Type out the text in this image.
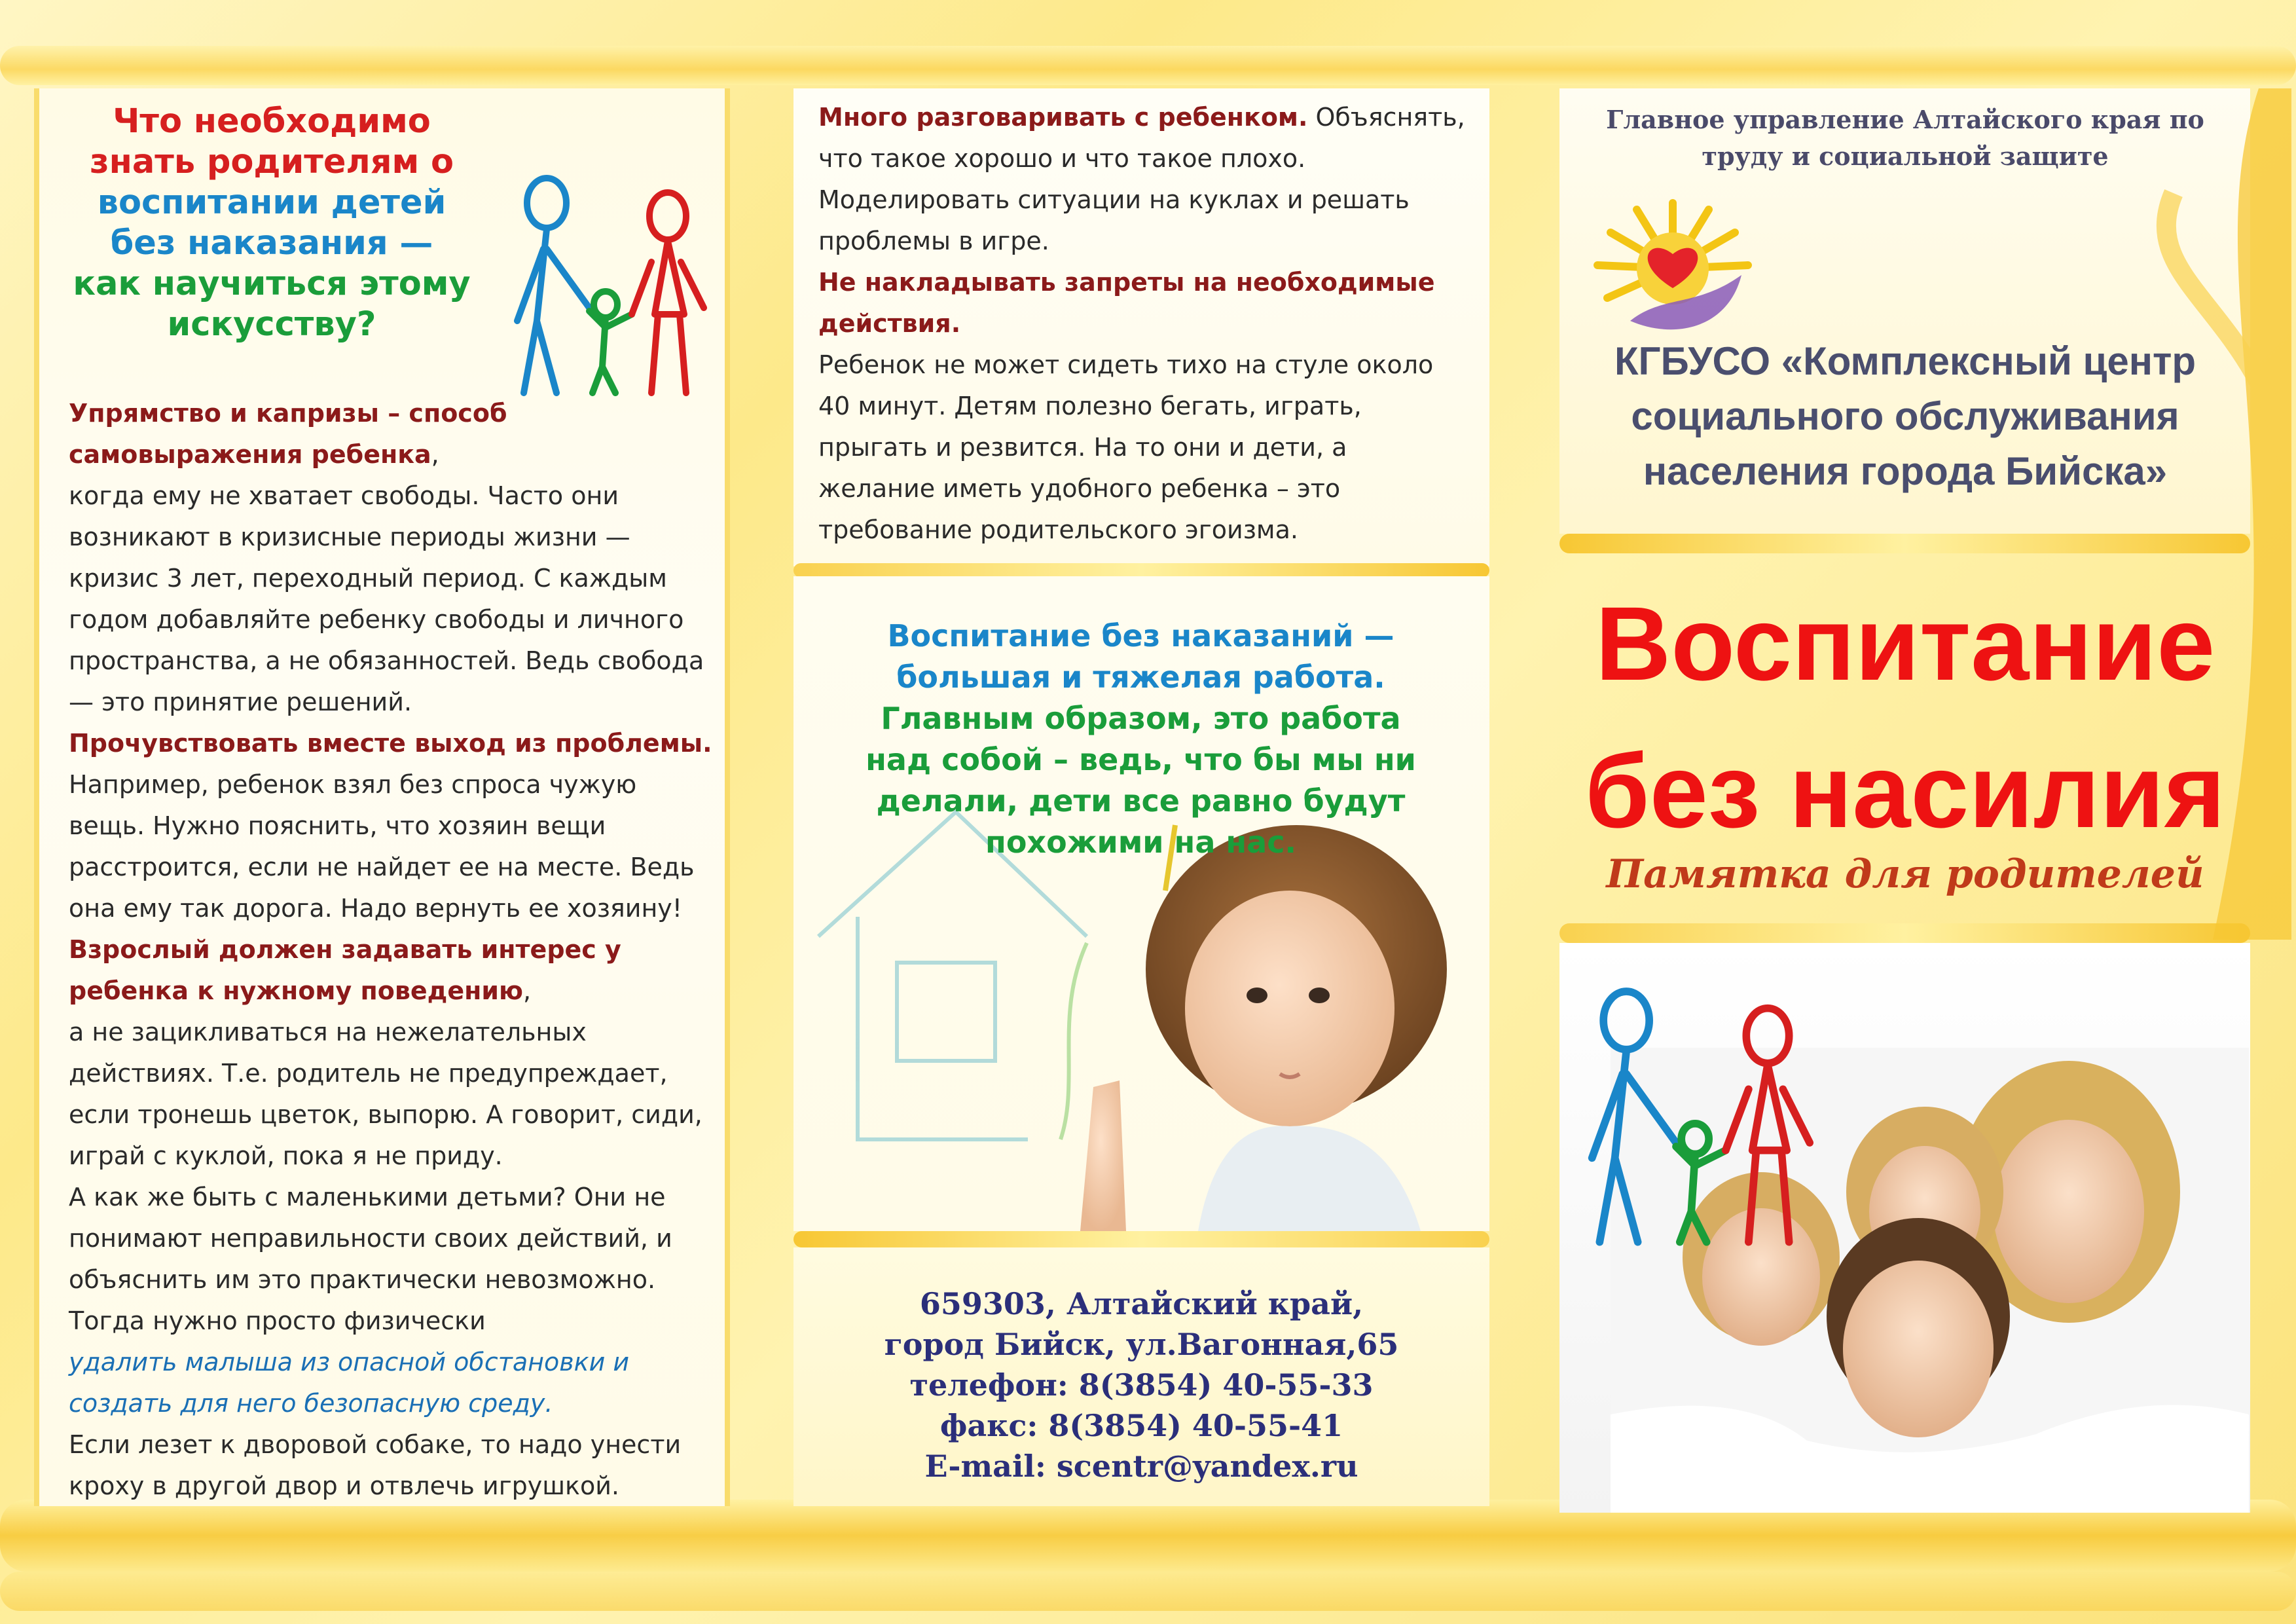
Что необходимо
знать родителям о
воспитании детей
без наказания —
как научиться этому
искусству?
Упрямство и капризы – способ
самовыражения ребенка,
когда ему не хватает свободы. Часто они
возникают в кризисные периоды жизни —
кризис 3 лет, переходный период. С каждым
годом добавляйте ребенку свободы и личного
пространства, а не обязанностей. Ведь свобода
— это принятие решений.
Прочувствовать вместе выход из проблемы.
Например, ребенок взял без спроса чужую
вещь. Нужно пояснить, что хозяин вещи
расстроится, если не найдет ее на месте. Ведь
она ему так дорога. Надо вернуть ее хозяину!
Взрослый должен задавать интерес у
ребенка к нужному поведению,
а не зацикливаться на нежелательных
действиях. Т.е. родитель не предупреждает,
если тронешь цветок, выпорю. А говорит, сиди,
играй с куклой, пока я не приду.
А как же быть с маленькими детьми? Они не
понимают неправильности своих действий, и
объяснить им это практически невозможно.
Тогда нужно просто физически
удалить малыша из опасной обстановки и
создать для него безопасную среду.
Если лезет к дворовой собаке, то надо унести
кроху в другой двор и отвлечь игрушкой.
Много разговаривать с ребенком. Объяснять,
что такое хорошо и что такое плохо.
Моделировать ситуации на куклах и решать
проблемы в игре.
Не накладывать запреты на необходимые
действия.
Ребенок не может сидеть тихо на стуле около
40 минут. Детям полезно бегать, играть,
прыгать и резвится. На то они и дети, а
желание иметь удобного ребенка – это
требование родительского эгоизма.
Воспитание без наказаний —
большая и тяжелая работа.
Главным образом, это работа
над собой – ведь, что бы мы ни
делали, дети все равно будут
похожими на нас.
659303, Алтайский край,
город Бийск, ул.Вагонная,65
телефон: 8(3854) 40-55-33
факс: 8(3854) 40-55-41
E-mail: scentr@yandex.ru
Главное управление Алтайского края по
труду и социальной защите
КГБУСО «Комплексный центр
социального обслуживания
населения города Бийска»
Воспитание
без насилия
Памятка для родителей
